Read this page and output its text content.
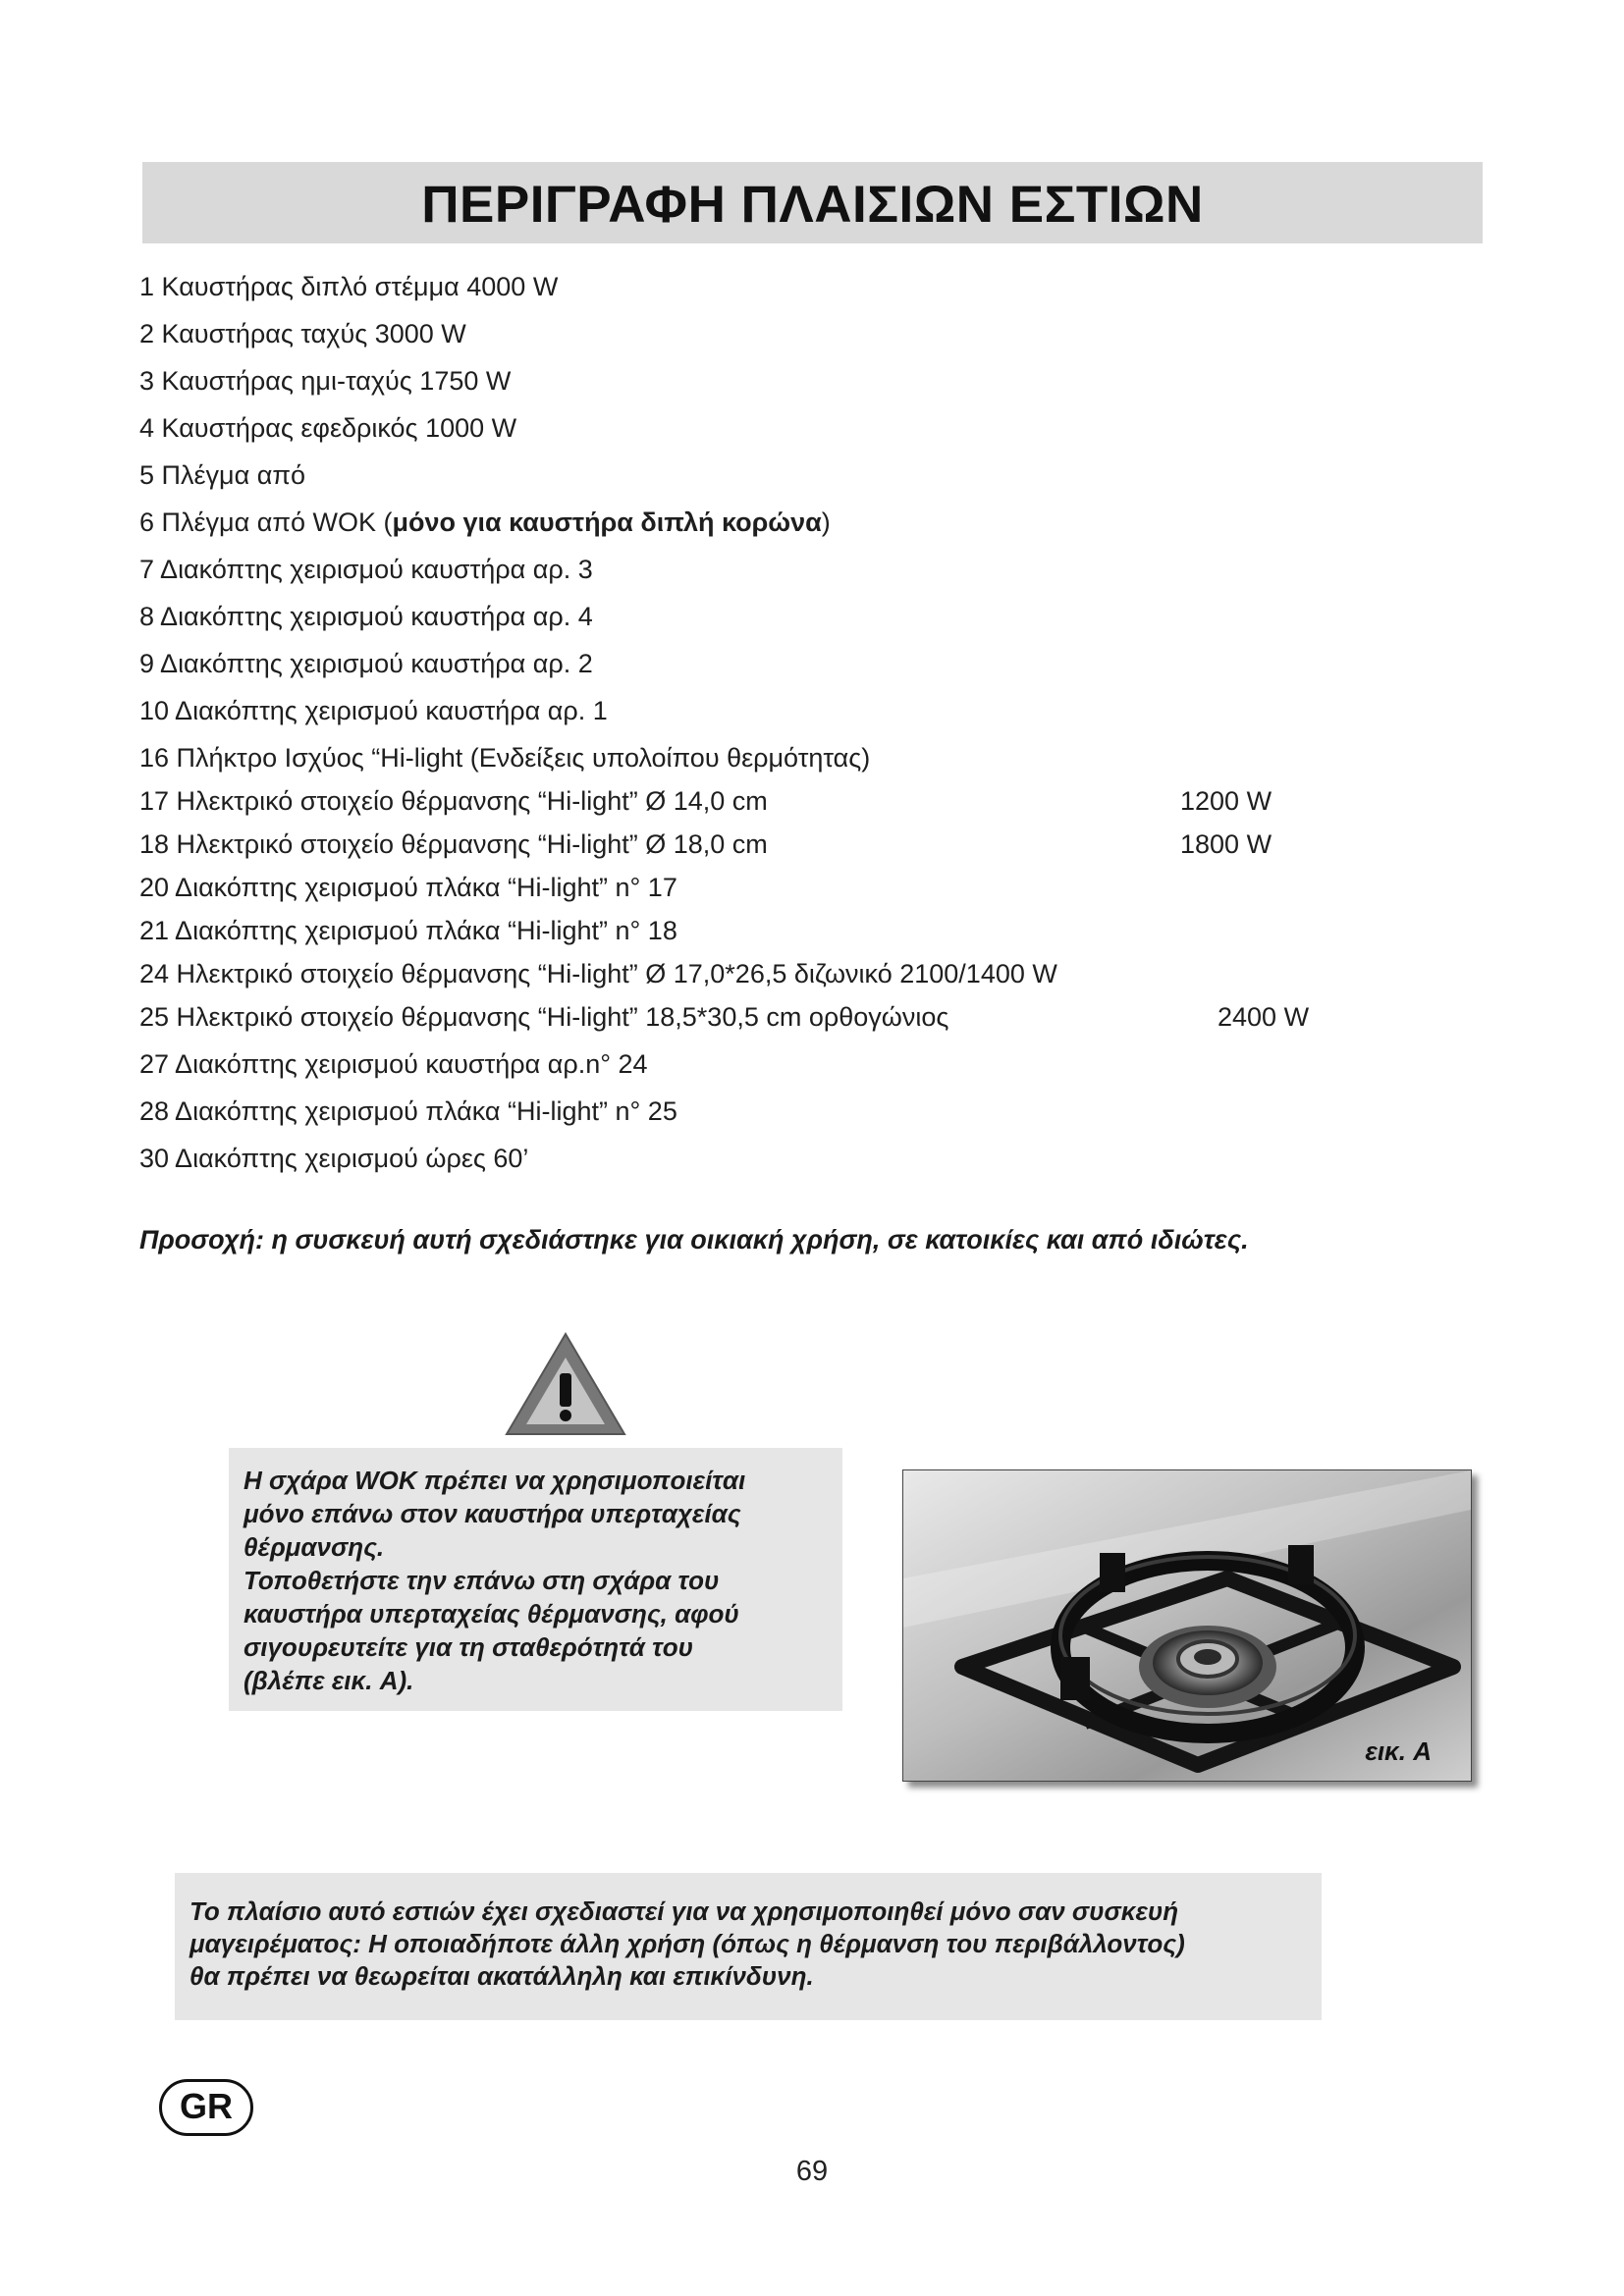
ΠΕΡΙΓΡΑΦΗ ΠΛΑΙΣΙΩΝ ΕΣΤΙΩΝ
1 Καυστήρας διπλό στέμμα 4000 W
2 Καυστήρας ταχύς 3000 W
3 Καυστήρας ημι-ταχύς 1750 W
4 Καυστήρας εφεδρικός 1000 W
5 Πλέγμα από
6 Πλέγμα από WOK (μόνο για καυστήρα διπλή κορώνα)
7 Διακόπτης χειρισμού καυστήρα αρ. 3
8 Διακόπτης χειρισμού καυστήρα αρ. 4
9 Διακόπτης χειρισμού καυστήρα αρ. 2
10 Διακόπτης χειρισμού καυστήρα αρ. 1
16 Πλήκτρο Ισχύος “Hi-light (Ενδείξεις υπολοίπου θερμότητας)
17 Ηλεκτρικό στοιχείο θέρμανσης “Hi-light” Ø 14,0 cm	1200 W
18 Ηλεκτρικό στοιχείο θέρμανσης “Hi-light” Ø 18,0 cm	1800 W
20 Διακόπτης χειρισμού πλάκα “Hi-light” n° 17
21 Διακόπτης χειρισμού πλάκα “Hi-light” n° 18
24 Ηλεκτρικό στοιχείο θέρμανσης “Hi-light” Ø 17,0*26,5 διζωνικό 2100/1400 W
25 Ηλεκτρικό στοιχείο θέρμανσης “Hi-light” 18,5*30,5 cm ορθογώνιος	2400 W
27 Διακόπτης χειρισμού καυστήρα αρ.n° 24
28 Διακόπτης χειρισμού πλάκα “Hi-light” n° 25
30 Διακόπτης χειρισμού ώρες 60’
Προσοχή: η συσκευή αυτή σχεδιάστηκε για οικιακή χρήση, σε κατοικίες και από ιδιώτες.
Η σχάρα WOK πρέπει να χρησιμοποιείται
μόνο επάνω στον καυστήρα υπερταχείας
θέρμανσης.
Τοποθετήστε την επάνω στη σχάρα του
καυστήρα υπερταχείας θέρμανσης, αφού
σιγουρευτείτε για τη σταθερότητά του
(βλέπε εικ. A).
εικ. A
Το πλαίσιο αυτό εστιών έχει σχεδιαστεί για να χρησιμοποιηθεί μόνο σαν συσκευή
μαγειρέματος: Η οποιαδήποτε άλλη χρήση (όπως η θέρμανση του περιβάλλοντος)
θα πρέπει να θεωρείται ακατάλληλη και επικίνδυνη.
GR
69
